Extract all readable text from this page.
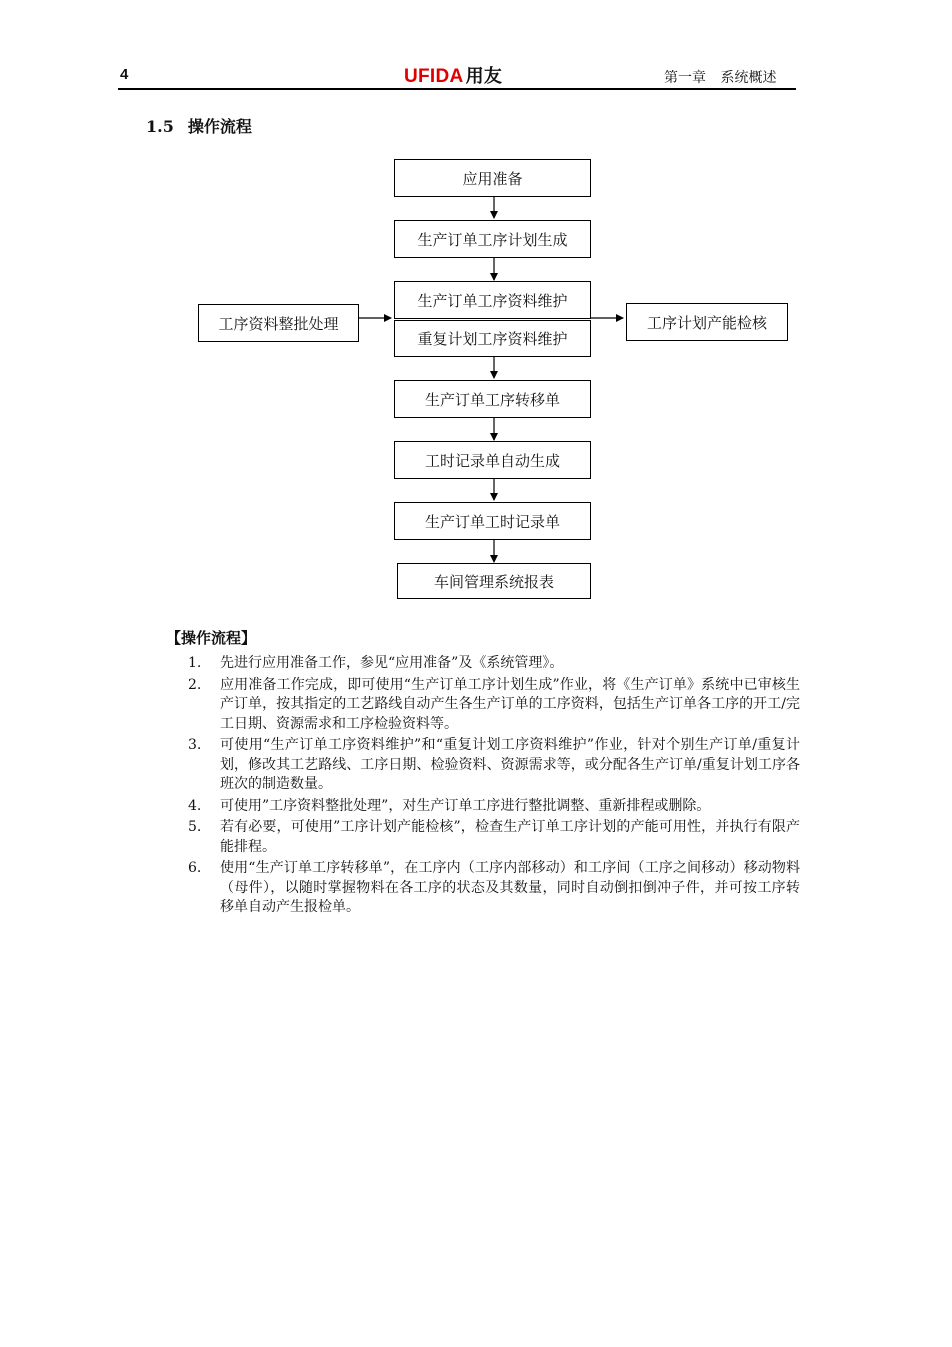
4	UFIDA 用友	第一章 系统概述
1.5 操作流程
应用准备
生产订单工序计划生成
生产订单工序资料维护
重复计划工序资料维护
工序资料整批处理	工序计划产能检核
生产订单工序转移单
工时记录单自动生成
生产订单工时记录单
车间管理系统报表
【操作流程】
1. 先进行应用准备工作，参见“应用准备”及《系统管理》。
2. 应用准备工作完成，即可使用“生产订单工序计划生成”作业，将《生产订单》系统中已审核生产订单，按其指定的工艺路线自动产生各生产订单的工序资料，包括生产订单各工序的开工/完工日期、资源需求和工序检验资料等。
3. 可使用“生产订单工序资料维护”和“重复计划工序资料维护”作业，针对个别生产订单/重复计划，修改其工艺路线、工序日期、检验资料、资源需求等，或分配各生产订单/重复计划工序各班次的制造数量。
4. 可使用”工序资料整批处理”，对生产订单工序进行整批调整、重新排程或删除。
5. 若有必要，可使用”工序计划产能检核”，检查生产订单工序计划的产能可用性，并执行有限产能排程。
6. 使用“生产订单工序转移单”，在工序内（工序内部移动）和工序间（工序之间移动）移动物料（母件），以随时掌握物料在各工序的状态及其数量，同时自动倒扣倒冲子件，并可按工序转移单自动产生报检单。
